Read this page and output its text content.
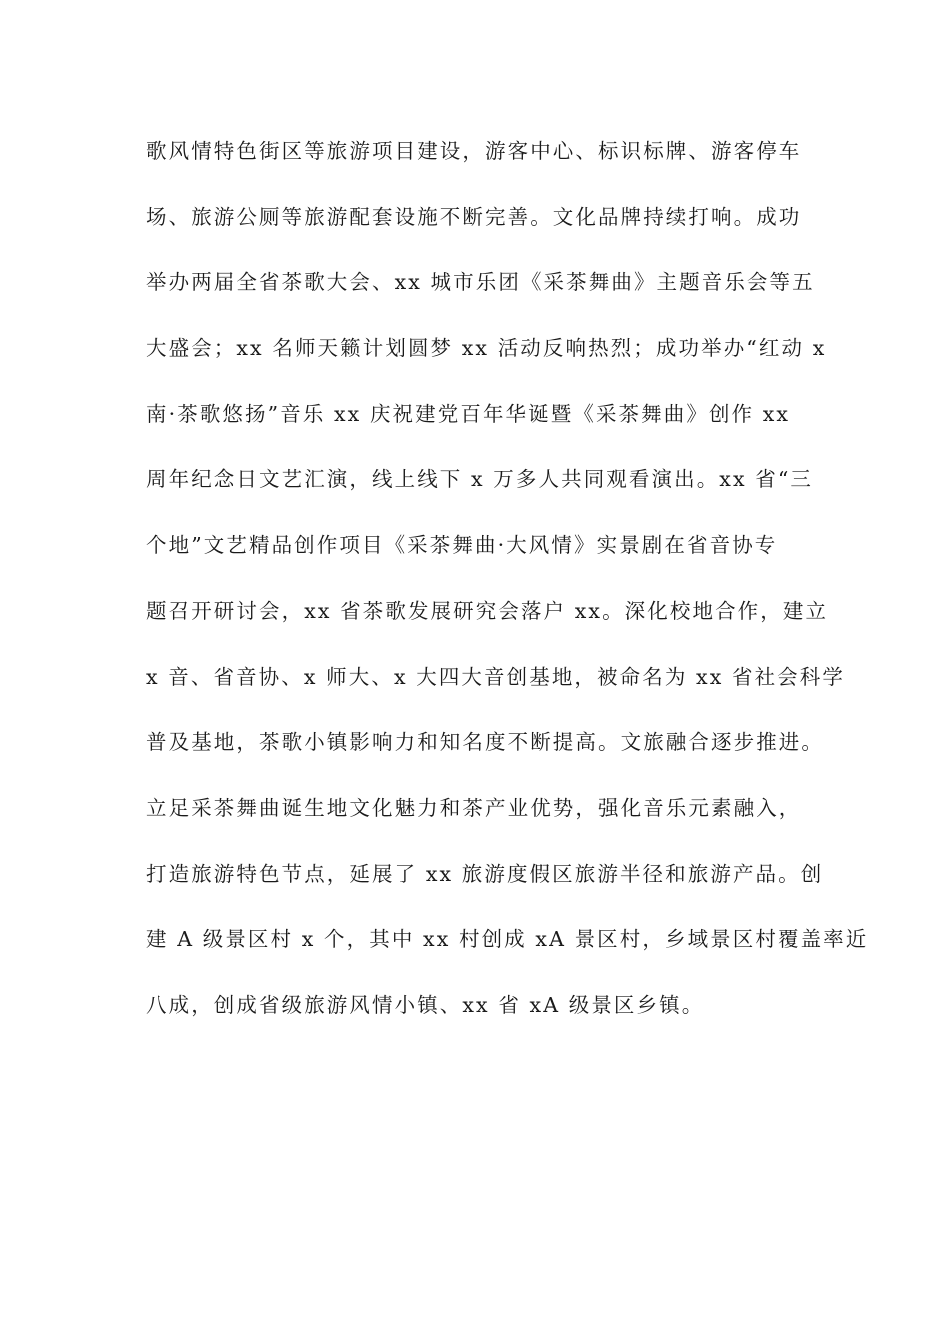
歌风情特色街区等旅游项目建设，游客中心、标识标牌、游客停车
场、旅游公厕等旅游配套设施不断完善。文化品牌持续打响。成功
举办两届全省茶歌大会、xx 城市乐团《采茶舞曲》主题音乐会等五
大盛会；xx 名师天籁计划圆梦 xx 活动反响热烈；成功举办“红动 x
南·茶歌悠扬”音乐 xx 庆祝建党百年华诞暨《采茶舞曲》创作 xx
周年纪念日文艺汇演，线上线下 x 万多人共同观看演出。xx 省“三
个地”文艺精品创作项目《采茶舞曲·大风情》实景剧在省音协专
题召开研讨会，xx 省茶歌发展研究会落户 xx。深化校地合作，建立
x 音、省音协、x 师大、x 大四大音创基地，被命名为 xx 省社会科学
普及基地，茶歌小镇影响力和知名度不断提高。文旅融合逐步推进。
立足采茶舞曲诞生地文化魅力和茶产业优势，强化音乐元素融入，
打造旅游特色节点，延展了 xx 旅游度假区旅游半径和旅游产品。创
建 A 级景区村 x 个，其中 xx 村创成 xA 景区村，乡域景区村覆盖率近
八成，创成省级旅游风情小镇、xx 省 xA 级景区乡镇。
